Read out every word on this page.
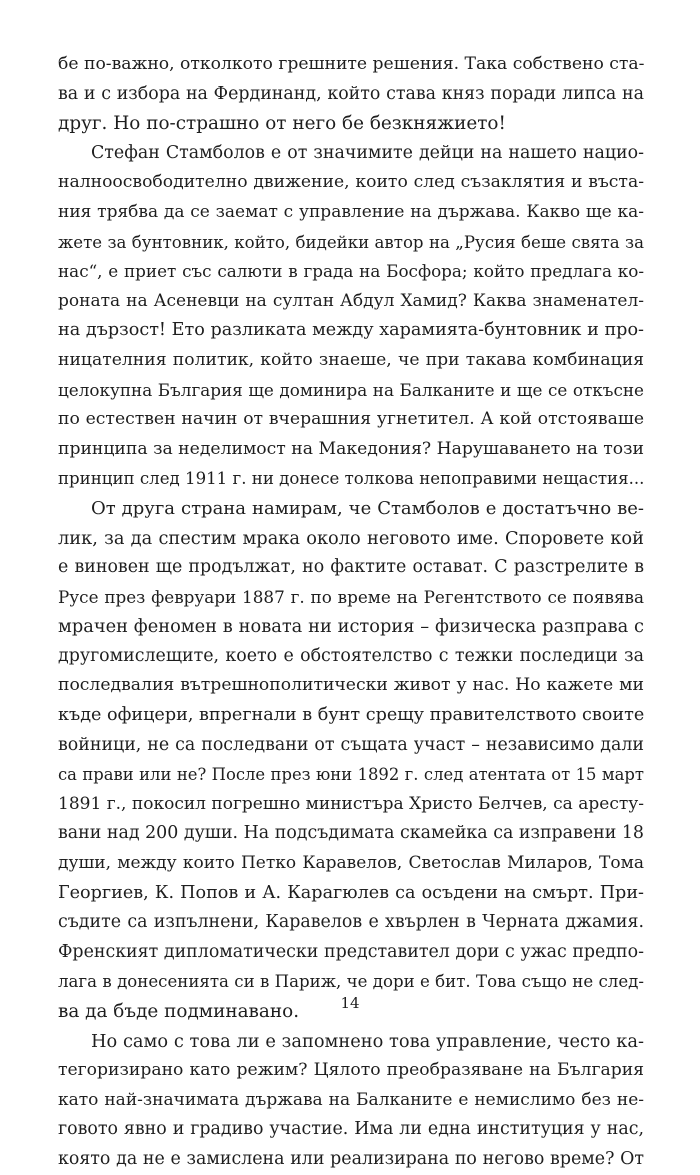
бе по-важно, отколкото грешните решения. Така собствено ста-
ва и с избора на Фердинанд, който става княз поради липса на
друг. Но по-страшно от него бе безкняжието!
Стефан Стамболов е от значимите дейци на нашето нацио-
налноосвободително движение, които след съзаклятия и въста-
ния трябва да се заемат с управление на държава. Какво ще ка-
жете за бунтовник, който, бидейки автор на „Русия беше свята за
нас“, е приет със салюти в града на Босфора; който предлага ко-
роната на Асеневци на султан Абдул Хамид? Каква знаменател-
на дързост! Ето разликата между харамията-бунтовник и про-
ницателния политик, който знаеше, че при такава комбинация
целокупна България ще доминира на Балканите и ще се откъсне
по естествен начин от вчерашния угнетител. А кой отстояваше
принципа за неделимост на Македония? Нарушаването на този
принцип след 1911 г. ни донесе толкова непоправими нещастия...
От друга страна намирам, че Стамболов е достатъчно ве-
лик, за да спестим мрака около неговото име. Споровете кой
е виновен ще продължат, но фактите остават. С разстрелите в
Русе през февруари 1887 г. по време на Регентството се появява
мрачен феномен в новата ни история – физическа разправа с
другомислещите, което е обстоятелство с тежки последици за
последвалия вътрешнополитически живот у нас. Но кажете ми
къде офицери, впрегнали в бунт срещу правителството своите
войници, не са последвани от същата участ – независимо дали
са прави или не? После през юни 1892 г. след атентата от 15 март
1891 г., покосил погрешно министъра Христо Белчев, са аресту-
вани над 200 души. На подсъдимата скамейка са изправени 18
души, между които Петко Каравелов, Светослав Миларов, Тома
Георгиев, К. Попов и А. Карагюлев са осъдени на смърт. При-
съдите са изпълнени, Каравелов е хвърлен в Черната джамия.
Френският дипломатически представител дори с ужас предпо-
лага в донесенията си в Париж, че дори е бит. Това също не след-
ва да бъде подминавано.
Но само с това ли е запомнено това управление, често ка-
тегоризирано като режим? Цялото преобразяване на България
като най-значимата държава на Балканите е немислимо без не-
говото явно и градиво участие. Има ли една институция у нас,
която да не е замислена или реализирана по негово време? От
14
